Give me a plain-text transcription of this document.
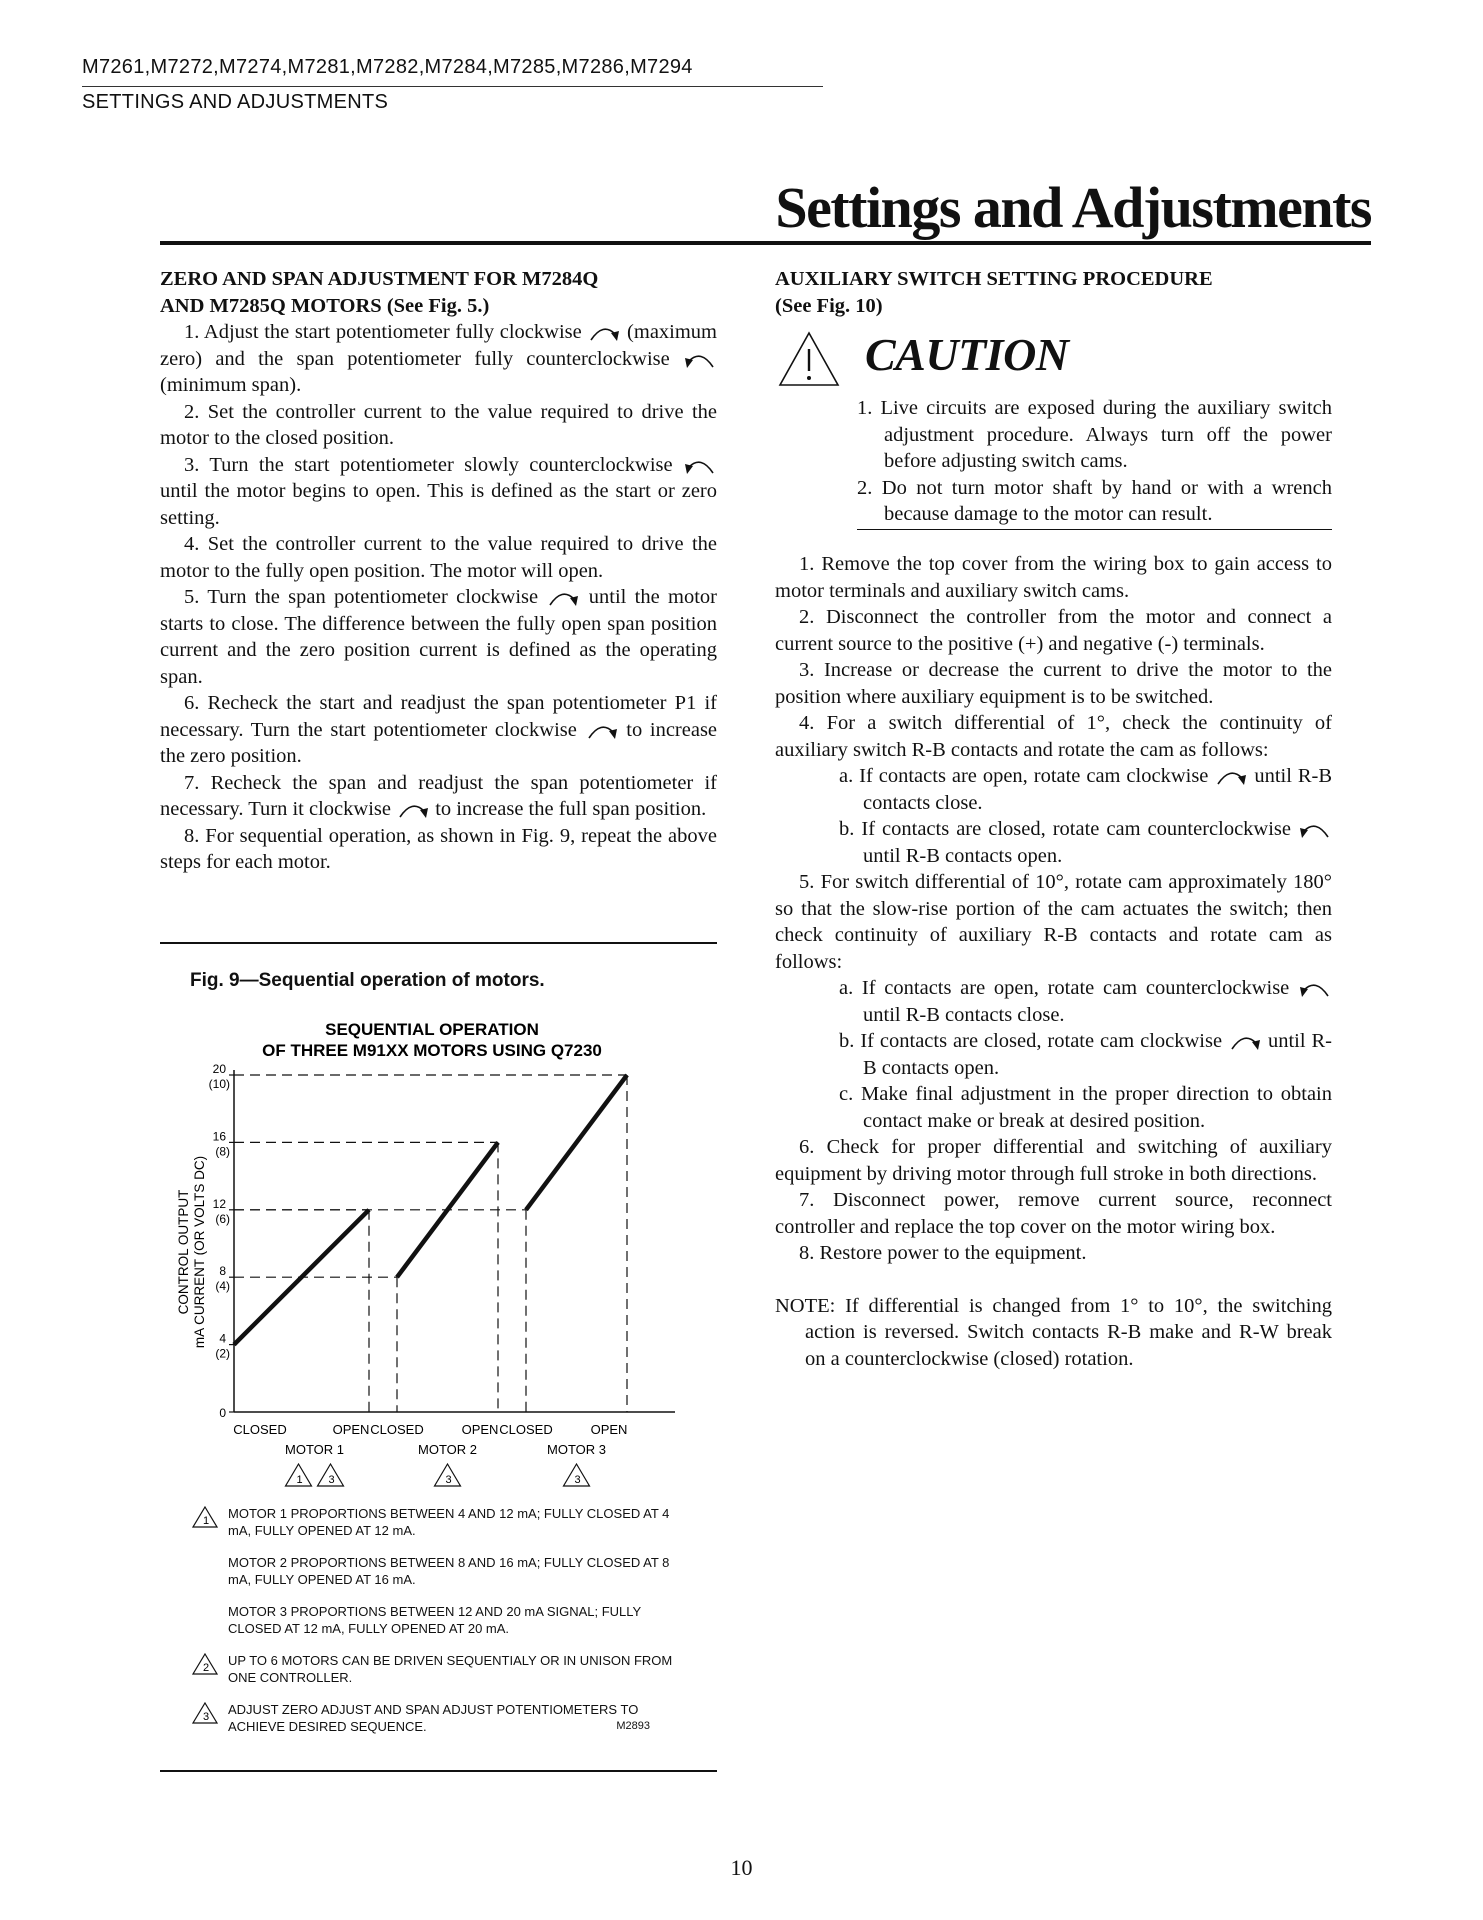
M7261,M7272,M7274,M7281,M7282,M7284,M7285,M7286,M7294
SETTINGS AND ADJUSTMENTS
Settings and Adjustments

ZERO AND SPAN ADJUSTMENT FOR M7284Q
AND M7285Q MOTORS (See Fig. 5.)

1. Adjust the start potentiometer fully clockwise (maximum zero) and the span potentiometer fully counterclockwise  (minimum span).

2. Set the controller current to the value required to drive the motor to the closed position.

3. Turn the start potentiometer slowly counterclockwise  until the motor begins to open. This is defined as the start or zero setting.

4. Set the controller current to the value required to drive the motor to the fully open position. The motor will open.

5. Turn the span potentiometer clockwise until the motor starts to close. The difference between the fully open span position current and the zero position current is defined as the operating span.

6. Recheck the start and readjust the span potentiometer P1 if necessary. Turn the start potentiometer clockwise to increase the zero position.

7. Recheck the span and readjust the span potentiometer if necessary. Turn it clockwise to increase the full span position.

8. For sequential operation, as shown in Fig. 9, repeat the above steps for each motor.

Fig. 9—Sequential operation of motors.
SEQUENTIAL OPERATION
OF THREE M91XX MOTORS USING Q7230
CONTROL OUTPUT mA CURRENT (OR VOLTS DC)
0
4
(2)
8
(4)
12
(6)
16
(8)
20
(10)
CLOSED	OPEN
MOTOR 1
1 3
CLOSED	OPEN
MOTOR 2
3
CLOSED	OPEN
MOTOR 3
3
1 MOTOR 1 PROPORTIONS BETWEEN 4 AND 12 mA; FULLY CLOSED AT 4 mA, FULLY OPENED AT 12 mA.
MOTOR 2 PROPORTIONS BETWEEN 8 AND 16 mA; FULLY CLOSED AT 8 mA, FULLY OPENED AT 16 mA.
MOTOR 3 PROPORTIONS BETWEEN 12 AND 20 mA SIGNAL; FULLY CLOSED AT 12 mA, FULLY OPENED AT 20 mA.
2 UP TO 6 MOTORS CAN BE DRIVEN SEQUENTIALY OR IN UNISON FROM ONE CONTROLLER.
3 ADJUST ZERO ADJUST AND SPAN ADJUST POTENTIOMETERS TO ACHIEVE DESIRED SEQUENCE.	M2893

AUXILIARY SWITCH SETTING PROCEDURE
(See Fig. 10)

CAUTION

1. Live circuits are exposed during the auxiliary switch adjustment procedure. Always turn off the power before adjusting switch cams.

2. Do not turn motor shaft by hand or with a wrench because damage to the motor can result.

1. Remove the top cover from the wiring box to gain access to motor terminals and auxiliary switch cams.

2. Disconnect the controller from the motor and connect a current source to the positive (+) and negative (-) terminals.

3. Increase or decrease the current to drive the motor to the position where auxiliary equipment is to be switched.

4. For a switch differential of 1°, check the continuity of auxiliary switch R-B contacts and rotate the cam as follows:

a. If contacts are open, rotate cam clockwise until R-B contacts close.

b. If contacts are closed, rotate cam counterclockwise  until R-B contacts open.

5. For switch differential of 10°, rotate cam approximately 180° so that the slow-rise portion of the cam actuates the switch; then check continuity of auxiliary R-B contacts and rotate cam as follows:

a. If contacts are open, rotate cam counterclockwise  until R-B contacts close.

b. If contacts are closed, rotate cam clockwise until R-B contacts open.

c. Make final adjustment in the proper direction to obtain contact make or break at desired position.

6. Check for proper differential and switching of auxiliary equipment by driving motor through full stroke in both directions.

7. Disconnect power, remove current source, reconnect controller and replace the top cover on the motor wiring box.

8. Restore power to the equipment.

NOTE: If differential is changed from 1° to 10°, the switching action is reversed. Switch contacts R-B make and R-W break on a counterclockwise (closed) rotation.

10
